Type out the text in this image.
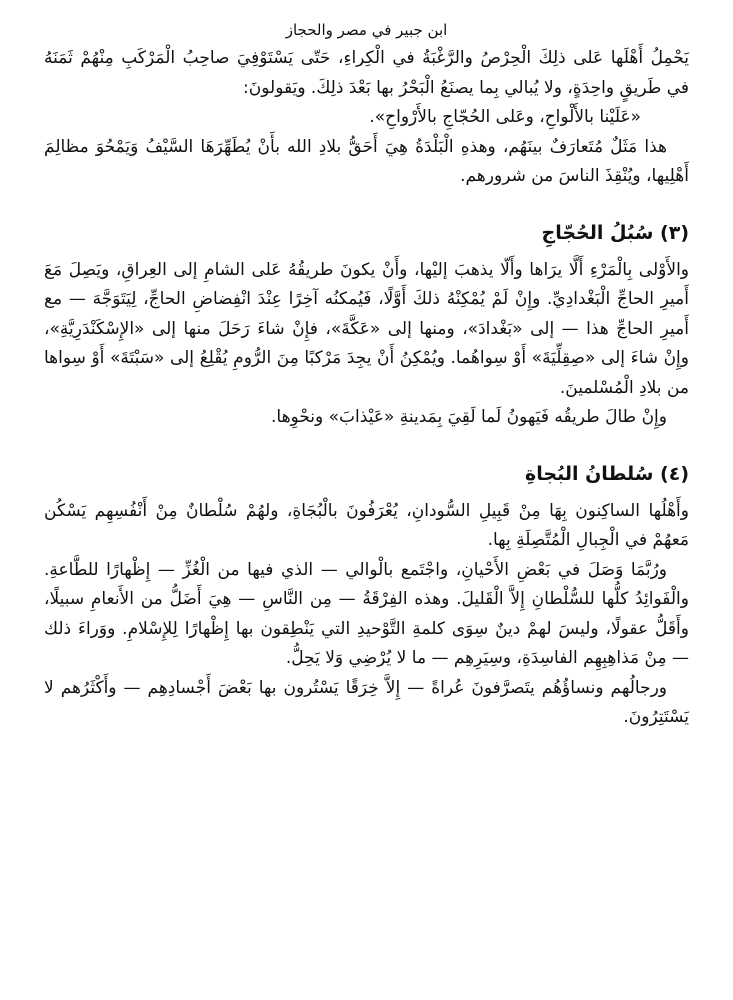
ابن جبير في مصر والحجاز

يَحْمِلُ أَهْلَها عَلى ذلِكَ الْحِرْصُ والرَّغْبَةُ في الْكِراءِ، حَتّى يَسْتَوْفِيَ صاحِبُ الْمَرْكَبِ مِنْهُمْ ثَمَنَهُ في طَريقٍ واحِدَةٍ، ولا يُبالي بِما يصنَعُ الْبَحْرُ بها بَعْدَ ذلِكَ. ويَقولونَ:

«عَلَيْنا بالأَلْواحِ، وعَلى الحُجّاجِ بالأَرْواحِ».

هذا مَثَلٌ مُتَعارَفٌ بينَهُم، وهذهِ الْبَلْدَةُ هِيَ أَحَقُّ بلادِ الله بأَنْ يُطَهِّرَهَا السَّيْفُ وَيَمْحُوَ مظالِمَ أَهْلِيها، ويُنْقِذَ الناسَ من شرورهم.

(٣) سُبُلُ الحُجّاجِ

والأَوْلى بِالْمَرْءِ أَلَّا يرَاها وأَلّا يذهبَ إليْها، وأَنْ يكونَ طريقُهُ عَلى الشامِ إلى العِراقِ، ويَصِلَ مَعَ أَميرِ الحاجِّ الْبَغْدادِيِّ. وإِنْ لَمْ يُمْكِنْهُ ذلكَ أَوَّلًا، فَيُمكنُه آخِرًا عِنْدَ انْفِضاضِ الحاجِّ، لِيَتَوَجَّهَ — مع أَميرِ الحاجِّ هذا — إلى «بَغْدادَ»، ومنها إلى «عَكَّةَ»، فإِنْ شاءَ رَحَلَ منها إلى «الإِسْكَنْدَرِيَّةِ»، وإِنْ شاءَ إلى «صِقِلِّيَةَ» أَوْ سِواهُما. ويُمْكِنُ أَنْ يجِدَ مَرْكبًا مِنَ الرُّومِ يُقْلِعُ إلى «سَبْتَةَ» أَوْ سِواها من بلادِ الْمُسْلمينَ.

وإِنْ طالَ طريقُه فَيَهونُ لَما لَقِيَ بِمَدينةِ «عَيْذابَ» ونحْوِها.

(٤) سُلطانُ البُجاةِ

وأَهْلُها الساكِنون بِهَا مِنْ قَبِيلِ السُّودانِ، يُعْرَفُونَ بالْبُجَاةِ، ولهُمْ سُلْطانٌ مِنْ أَنْفُسِهِم يَسْكُن مَعهُمْ في الْجِبالِ الْمُتَّصِلَةِ بِها.

ورُبَّمَا وَصَلَ في بَعْضِ الأَحْيانِ، واجْتَمع بالْوالي — الذي فيها من الْغُزِّ — إِظْهارًا للطَّاعةِ. والْفَوائِدُ كلُّها للسُّلْطانِ إِلاَّ الْقَليلَ. وهذه الفِرْقَةُ — مِن النَّاسِ — هِيَ أَضَلُّ من الأَنعامِ سبيلًا، وأَقَلُّ عقولًا، وليسَ لهمْ دينٌ سِوَى كلمةِ التَّوْحيدِ التي يَنْطِقون بها إِظْهارًا لِلإِسْلامِ. ووَراءَ ذلك — مِنْ مَذاهِبِهِم الفاسِدَةِ، وسِيَرِهِم — ما لا يُرْضِي وَلا يَحِلُّ.

ورجالُهم ونساؤُهُم يتَصرَّفونَ عُراةً — إِلاَّ خِرَقًا يَسْتُرون بها بَعْضَ أَجْسادِهِم — وأَكْثَرُهم لا يَسْتَتِرُونَ.
